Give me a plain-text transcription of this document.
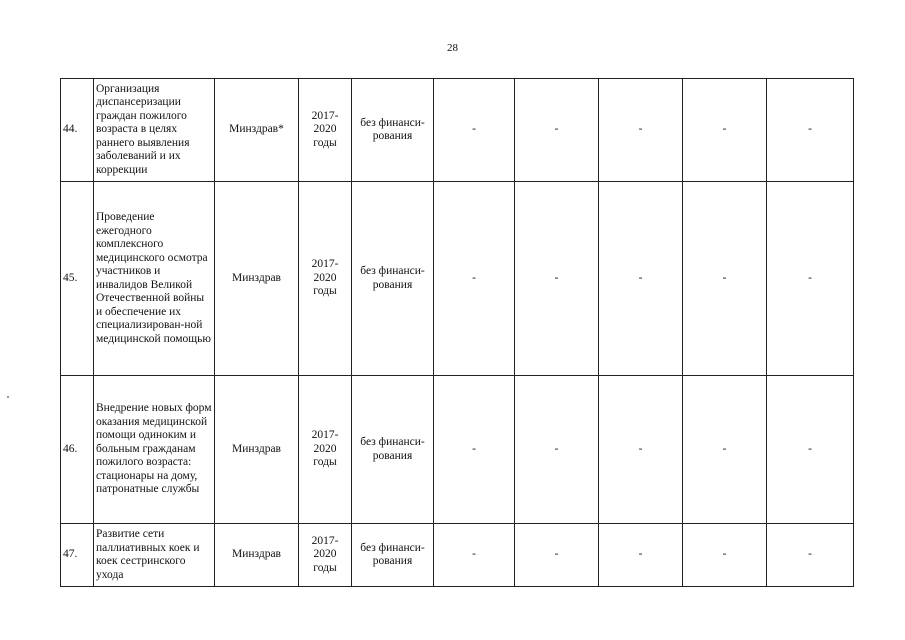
28
44.	Организация диспансеризации граждан пожилого возраста в целях раннего выявления заболеваний и их коррекции	Минздрав*	2017-2020 годы	без финанси-рования	-	-	-	-	-
45.	Проведение ежегодного комплексного медицинского осмотра участников и инвалидов Великой Отечественной войны и обеспечение их специализирован-ной медицинской помощью	Минздрав	2017-2020 годы	без финанси-рования	-	-	-	-	-
46.	Внедрение новых форм оказания медицинской помощи одиноким и больным гражданам пожилого возраста: стационары на дому, патронатные службы	Минздрав	2017-2020 годы	без финанси-рования	-	-	-	-	-
47.	Развитие сети паллиативных коек и коек сестринского ухода	Минздрав	2017-2020 годы	без финанси-рования	-	-	-	-	-
